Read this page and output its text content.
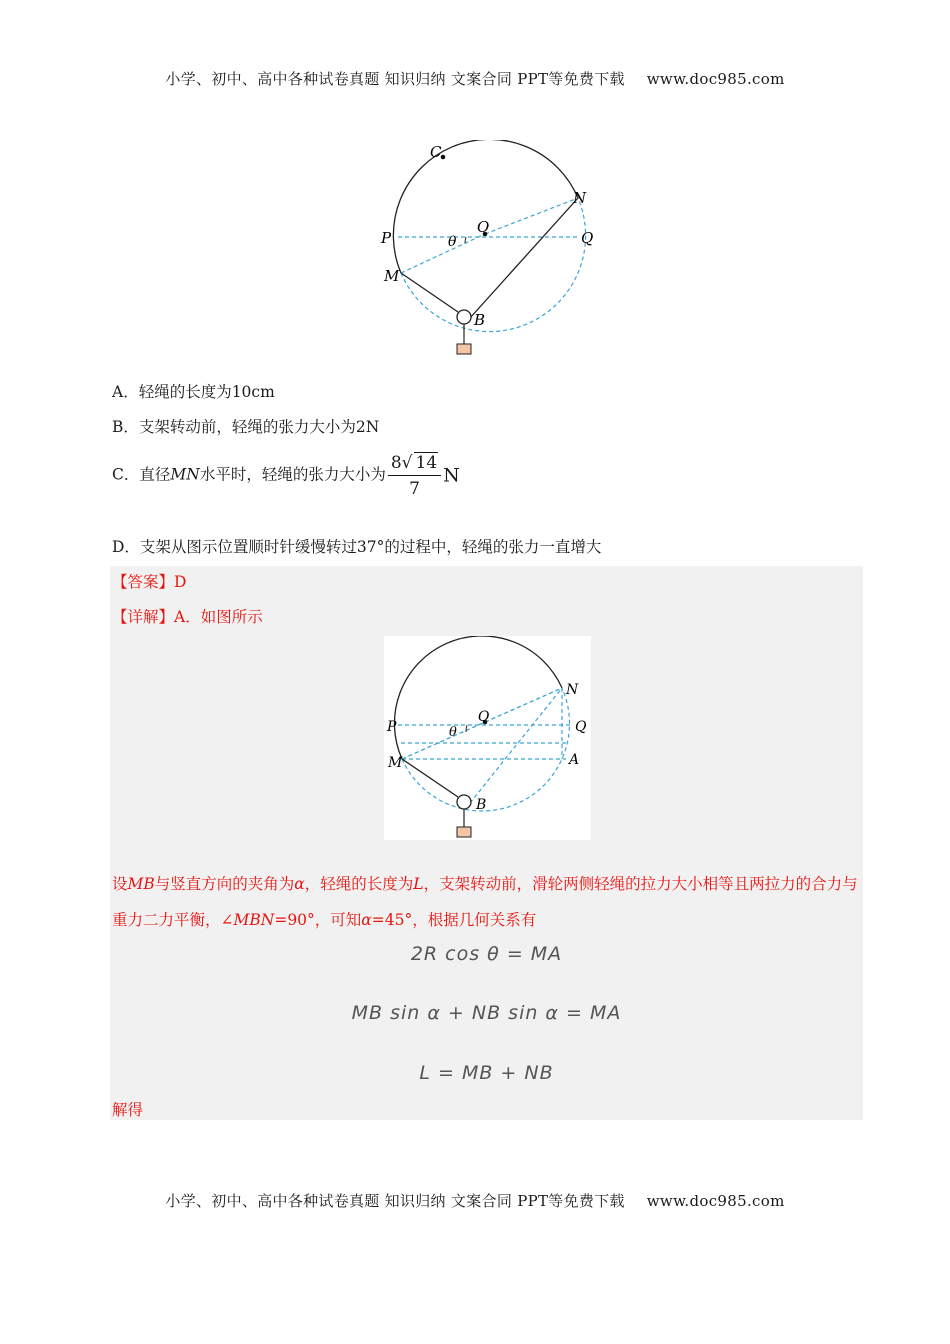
小学、初中、高中各种试卷真题 知识归纳 文案合同 PPT等免费下载 www.doc985.com
C
N
O
P	Q
θ
M
B
A．轻绳的长度为10cm
B．支架转动前，轻绳的张力大小为2N
C．直径MN水平时，轻绳的张力大小为 $\frac{8√ 14}{7}$ N
D．支架从图示位置顺时针缓慢转过37°的过程中，轻绳的张力一直增大
【答案】D
【详解】A．如图所示
N
O
P	Q
θ
M	A
B
设MB与竖直方向的夹角为α，轻绳的长度为L，支架转动前，滑轮两侧轻绳的拉力大小相等且两拉力的合力与重力二力平衡，∠MBN=90°，可知α=45°，根据几何关系有
2R cos θ = MA
MB sin α + NB sin α = MA
L = MB + NB
解得
小学、初中、高中各种试卷真题 知识归纳 文案合同 PPT等免费下载 www.doc985.com
